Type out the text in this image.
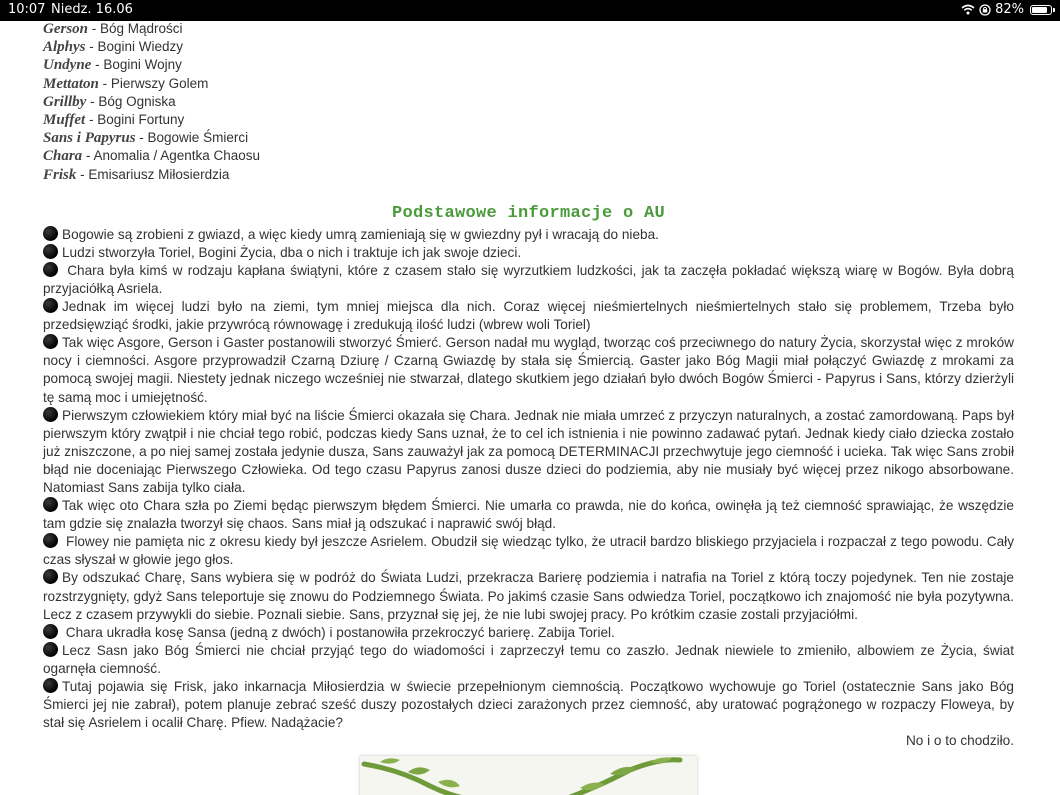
10:07 Niedz. 16.06	82%
Gerson - Bóg Mądrości
Alphys - Bogini Wiedzy
Undyne - Bogini Wojny
Mettaton - Pierwszy Golem
Grillby - Bóg Ogniska
Muffet - Bogini Fortuny
Sans i Papyrus - Bogowie Śmierci
Chara - Anomalia / Agentka Chaosu
Frisk - Emisariusz Miłosierdzia
Podstawowe informacje o AU
Bogowie są zrobieni z gwiazd, a więc kiedy umrą zamieniają się w gwiezdny pył i wracają do nieba.
Ludzi stworzyła Toriel, Bogini Życia, dba o nich i traktuje ich jak swoje dzieci.
Chara była kimś w rodzaju kapłana świątyni, które z czasem stało się wyrzutkiem ludzkości, jak ta zaczęła pokładać większą wiarę w Bogów. Była dobrą przyjaciółką Asriela.
Jednak im więcej ludzi było na ziemi, tym mniej miejsca dla nich. Coraz więcej nieśmiertelnych nieśmiertelnych stało się problemem, Trzeba było przedsięwziąć środki, jakie przywrócą równowagę i zredukują ilość ludzi (wbrew woli Toriel)
Tak więc Asgore, Gerson i Gaster postanowili stworzyć Śmierć. Gerson nadał mu wygląd, tworząc coś przeciwnego do natury Życia, skorzystał więc z mroków nocy i ciemności. Asgore przyprowadził Czarną Dziurę / Czarną Gwiazdę by stała się Śmiercią. Gaster jako Bóg Magii miał połączyć Gwiazdę z mrokami za pomocą swojej magii. Niestety jednak niczego wcześniej nie stwarzał, dlatego skutkiem jego działań było dwóch Bogów Śmierci - Papyrus i Sans, którzy dzierżyli tę samą moc i umiejętność.
Pierwszym człowiekiem który miał być na liście Śmierci okazała się Chara. Jednak nie miała umrzeć z przyczyn naturalnych, a zostać zamordowaną. Paps był pierwszym który zwątpił i nie chciał tego robić, podczas kiedy Sans uznał, że to cel ich istnienia i nie powinno zadawać pytań. Jednak kiedy ciało dziecka zostało już zniszczone, a po niej samej została jedynie dusza, Sans zauważył jak za pomocą DETERMINACJI przechwytuje jego ciemność i ucieka. Tak więc Sans zrobił błąd nie doceniając Pierwszego Człowieka. Od tego czasu Papyrus zanosi dusze dzieci do podziemia, aby nie musiały być więcej przez nikogo absorbowane. Natomiast Sans zabija tylko ciała.
Tak więc oto Chara szła po Ziemi będąc pierwszym błędem Śmierci. Nie umarła co prawda, nie do końca, owinęła ją też ciemność sprawiając, że wszędzie tam gdzie się znalazła tworzył się chaos. Sans miał ją odszukać i naprawić swój błąd.
Flowey nie pamięta nic z okresu kiedy był jeszcze Asrielem. Obudził się wiedząc tylko, że utracił bardzo bliskiego przyjaciela i rozpaczał z tego powodu. Cały czas słyszał w głowie jego głos.
By odszukać Charę, Sans wybiera się w podróż do Świata Ludzi, przekracza Barierę podziemia i natrafia na Toriel z którą toczy pojedynek. Ten nie zostaje rozstrzygnięty, gdyż Sans teleportuje się znowu do Podziemnego Świata. Po jakimś czasie Sans odwiedza Toriel, początkowo ich znajomość nie była pozytywna. Lecz z czasem przywykli do siebie. Poznali siebie. Sans, przyznał się jej, że nie lubi swojej pracy. Po krótkim czasie zostali przyjaciółmi.
Chara ukradła kosę Sansa (jedną z dwóch) i postanowiła przekroczyć barierę. Zabija Toriel.
Lecz Sasn jako Bóg Śmierci nie chciał przyjąć tego do wiadomości i zaprzeczył temu co zaszło. Jednak niewiele to zmieniło, albowiem ze Życia, świat ogarnęła ciemność.
Tutaj pojawia się Frisk, jako inkarnacja Miłosierdzia w świecie przepełnionym ciemnością. Początkowo wychowuje go Toriel (ostatecznie Sans jako Bóg Śmierci jej nie zabrał), potem planuje zebrać sześć duszy pozostałych dzieci zarażonych przez ciemność, aby uratować pogrążonego w rozpaczy Floweya, by stał się Asrielem i ocalił Charę. Pfiew. Nadążacie?
No i o to chodziło.
